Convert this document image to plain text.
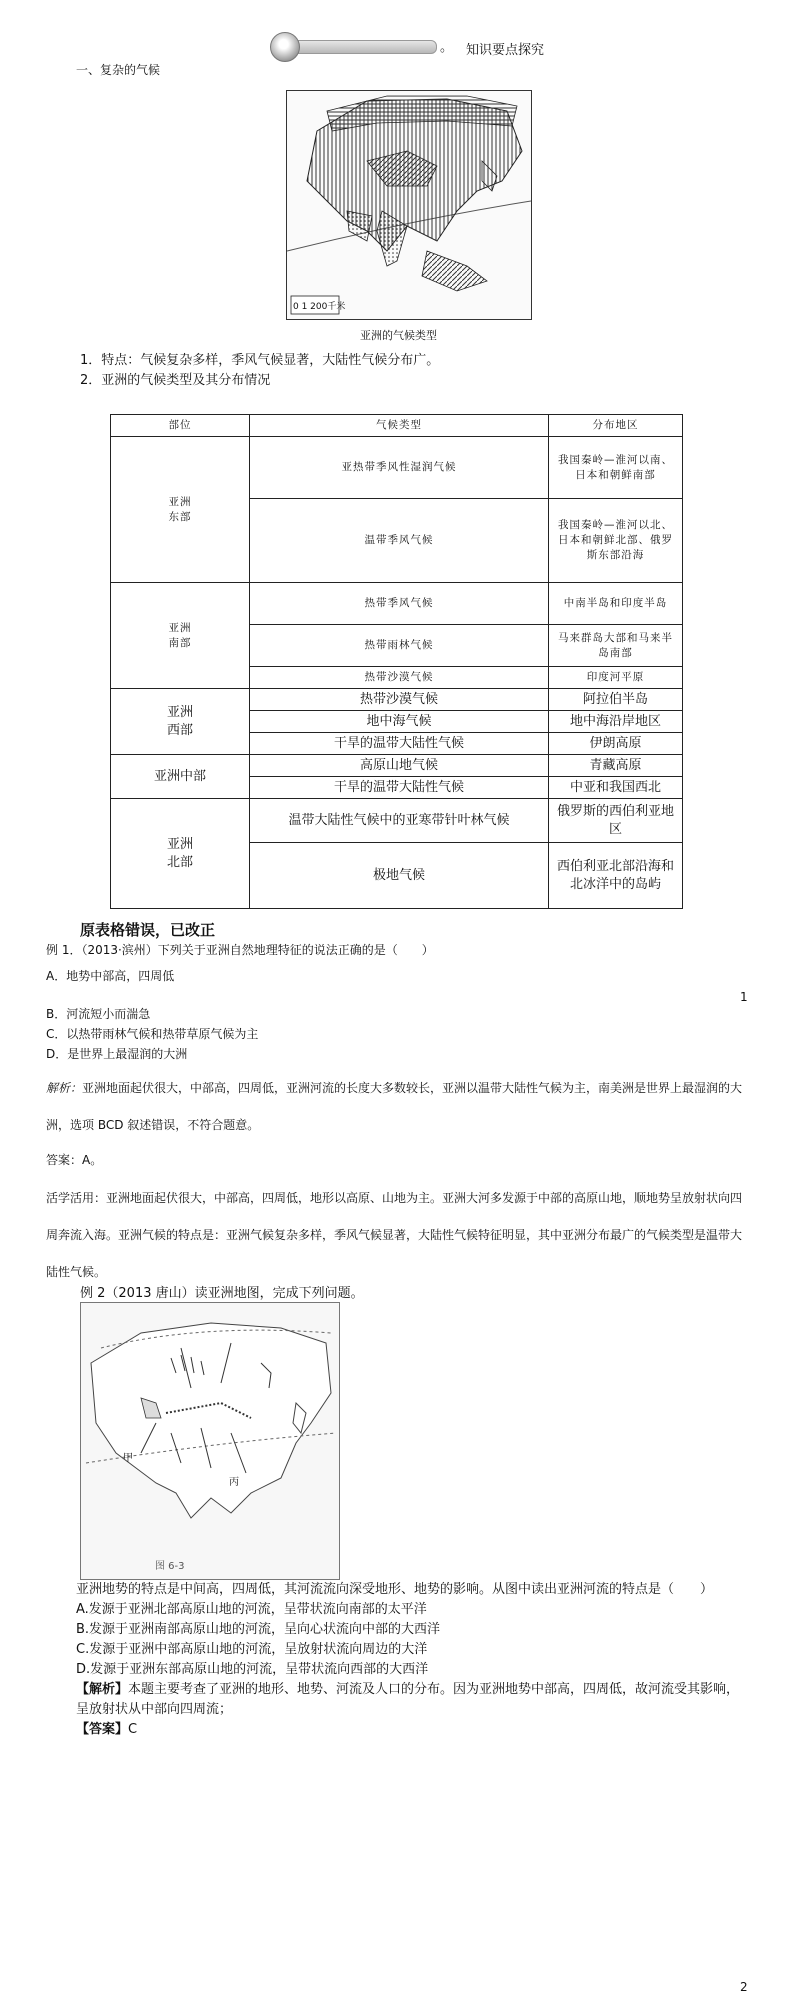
。 知识要点探究
一、复杂的气候
0 1 200千米
亚洲的气候类型
1．特点：气候复杂多样，季风气候显著，大陆性气候分布广。
2．亚洲的气候类型及其分布情况
部位	气候类型	分布地区
亚洲
东部	亚热带季风性湿润气候	我国秦岭—淮河以南、日本和朝鲜南部
	温带季风气候	我国秦岭—淮河以北、日本和朝鲜北部、俄罗斯东部沿海
亚洲
南部	热带季风气候	中南半岛和印度半岛
	热带雨林气候	马来群岛大部和马来半岛南部
	热带沙漠气候	印度河平原
亚洲
西部	热带沙漠气候	阿拉伯半岛
	地中海气候	地中海沿岸地区
	干旱的温带大陆性气候	伊朗高原
亚洲中部	高原山地气候	青藏高原
	干旱的温带大陆性气候	中亚和我国西北
亚洲
北部	温带大陆性气候中的亚寒带针叶林气候	俄罗斯的西伯利亚地区
	极地气候	西伯利亚北部沿海和北冰洋中的岛屿
原表格错误，已改正
例 1．（2013·滨州）下列关于亚洲自然地理特征的说法正确的是（　　）
A．地势中部高，四周低
1
B．河流短小而湍急
C．以热带雨林气候和热带草原气候为主
D．是世界上最湿润的大洲
解析：亚洲地面起伏很大，中部高，四周低，亚洲河流的长度大多数较长，亚洲以温带大陆性气候为主，南美洲是世界上最湿润的大洲，选项 BCD 叙述错误，不符合题意。
答案：A。
活学活用：亚洲地面起伏很大，中部高，四周低，地形以高原、山地为主。亚洲大河多发源于中部的高原山地，顺地势呈放射状向四周奔流入海。亚洲气候的特点是：亚洲气候复杂多样，季风气候显著，大陆性气候特征明显，其中亚洲分布最广的气候类型是温带大陆性气候。
例 2（2013 唐山）读亚洲地图，完成下列问题。
甲
丙
图 6-3
亚洲地势的特点是中间高，四周低，其河流流向深受地形、地势的影响。从图中读出亚洲河流的特点是（　　）
A.发源于亚洲北部高原山地的河流，呈带状流向南部的太平洋
B.发源于亚洲南部高原山地的河流，呈向心状流向中部的大西洋
C.发源于亚洲中部高原山地的河流，呈放射状流向周边的大洋
D.发源于亚洲东部高原山地的河流，呈带状流向西部的大西洋
【解析】本题主要考查了亚洲的地形、地势、河流及人口的分布。因为亚洲地势中部高，四周低，故河流受其影响，呈放射状从中部向四周流；
【答案】C
2
